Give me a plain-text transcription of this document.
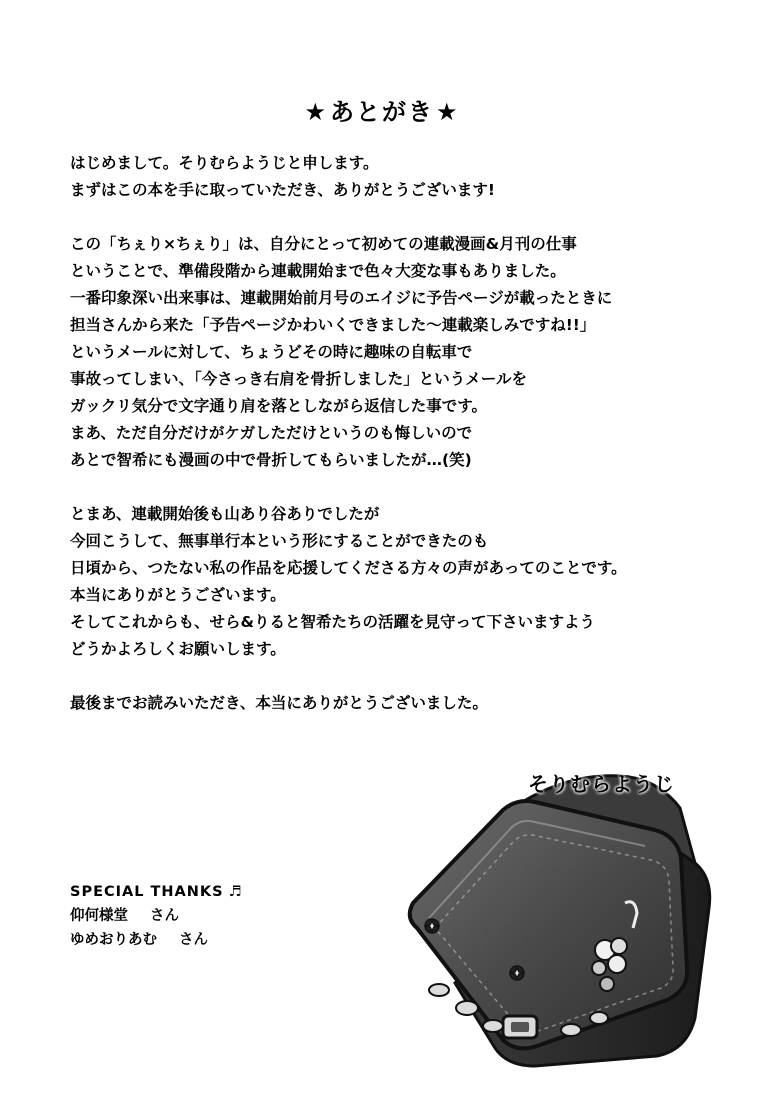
★あとがき★
はじめまして。そりむらようじと申します。
まずはこの本を手に取っていただき、ありがとうございます!
この「ちぇり×ちぇり」は、自分にとって初めての連載漫画&月刊の仕事
ということで、準備段階から連載開始まで色々大変な事もありました。
一番印象深い出来事は、連載開始前月号のエイジに予告ページが載ったときに
担当さんから来た「予告ページかわいくできました〜連載楽しみですね!!」
というメールに対して、ちょうどその時に趣味の自転車で
事故ってしまい、「今さっき右肩を骨折しました」というメールを
ガックリ気分で文字通り肩を落としながら返信した事です。
まあ、ただ自分だけがケガしただけというのも悔しいので
あとで智希にも漫画の中で骨折してもらいましたが…(笑)
とまあ、連載開始後も山あり谷ありでしたが
今回こうして、無事単行本という形にすることができたのも
日頃から、つたない私の作品を応援してくださる方々の声があってのことです。
本当にありがとうございます。
そしてこれからも、せら&りると智希たちの活躍を見守って下さいますよう
どうかよろしくお願いします。
最後までお読みいただき、本当にありがとうございました。
そりむらようじ
SPECIAL THANKS ♬
仰何様堂 さん
ゆめおりあむ さん
